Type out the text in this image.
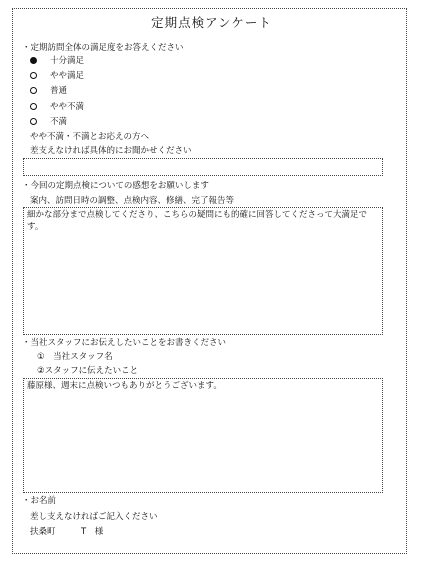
定期点検アンケート
・定期訪問全体の満足度をお答えください
十分満足
やや満足
普通
やや不満
不満
やや不満・不満とお応えの方へ
差支えなければ具体的にお聞かせください
・今回の定期点検についての感想をお願いします
案内、訪問日時の調整、点検内容、修繕、完了報告等
細かな部分まで点検してくださり、こちらの疑問にも的確に回答してくださって大満足です。
・当社スタッフにお伝えしたいことをお書きください
①　当社スタッフ名
②スタッフに伝えたいこと
藤原様、週末に点検いつもありがとうございます。
・お名前
差し支えなければご記入ください
扶桑町　　　T　様
